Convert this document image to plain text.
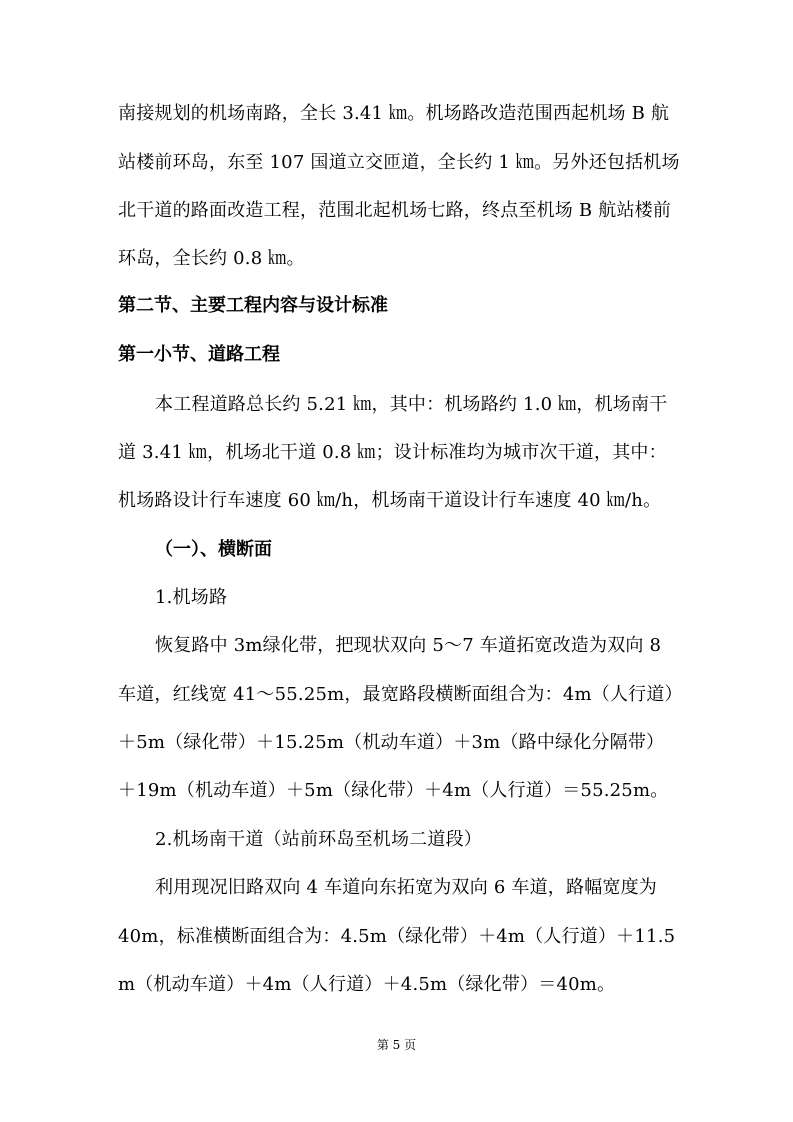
南接规划的机场南路，全长 3.41 ㎞。机场路改造范围西起机场 B 航
站楼前环岛，东至 107 国道立交匝道，全长约 1 ㎞。另外还包括机场
北干道的路面改造工程，范围北起机场七路，终点至机场 B 航站楼前
环岛，全长约 0.8 ㎞。
第二节、主要工程内容与设计标准
第一小节、道路工程
本工程道路总长约 5.21 ㎞，其中：机场路约 1.0 ㎞，机场南干
道 3.41 ㎞，机场北干道 0.8 ㎞；设计标准均为城市次干道，其中：
机场路设计行车速度 60 ㎞/h，机场南干道设计行车速度 40 ㎞/h。
（一）、横断面
1.机场路
恢复路中 3m绿化带，把现状双向 5～7 车道拓宽改造为双向 8
车道，红线宽 41～55.25m，最宽路段横断面组合为：4m（人行道）
＋5m（绿化带）＋15.25m（机动车道）＋3m（路中绿化分隔带）
＋19m（机动车道）＋5m（绿化带）＋4m（人行道）＝55.25m。
2.机场南干道（站前环岛至机场二道段）
利用现况旧路双向 4 车道向东拓宽为双向 6 车道，路幅宽度为
40m，标准横断面组合为：4.5m（绿化带）＋4m（人行道）＋11.5
m（机动车道）＋4m（人行道）＋4.5m（绿化带）＝40m。
第 5 页
